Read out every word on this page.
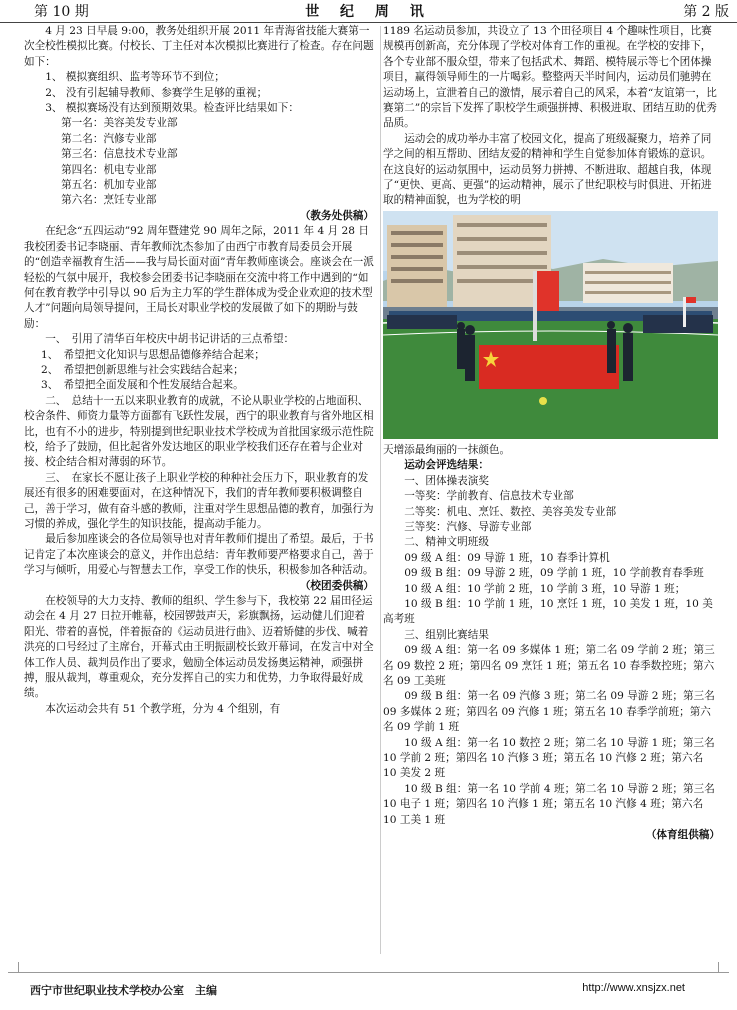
第 10 期	世 纪 周 讯	第 2 版

4 月 23 日早晨 9:00，教务处组织开展 2011 年青海省技能大赛第一次全校性模拟比赛。付校长、丁主任对本次模拟比赛进行了检查。存在问题如下：

1、 模拟赛组织、监考等环节不到位；

2、 没有引起辅导教师、参赛学生足够的重视；

3、 模拟赛场没有达到预期效果。检查评比结果如下：

第一名：美容美发专业部

第二名：汽修专业部

第三名：信息技术专业部

第四名：机电专业部

第五名：机加专业部

第六名：烹饪专业部

（教务处供稿）

在纪念“五四运动”92 周年暨建党 90 周年之际，2011 年 4 月 28 日我校团委书记李晓丽、青年教师沈杰参加了由西宁市教育局委员会开展的“创造幸福教育生活——我与局长面对面”青年教师座谈会。座谈会在一派轻松的气氛中展开，我校参会团委书记李晓丽在交流中将工作中遇到的“如何在教育教学中引导以 90 后为主力军的学生群体成为受企业欢迎的技术型人才”问题向局领导提问，王局长对职业学校的发展做了如下的期盼与鼓励：

一、　引用了清华百年校庆中胡书记讲话的三点希望：

1、　希望把文化知识与思想品德修养结合起来；

2、　希望把创新思维与社会实践结合起来；

3、　希望把全面发展和个性发展结合起来。

二、　总结十一五以来职业教育的成就，不论从职业学校的占地面积、校舍条件、师资力量等方面都有飞跃性发展，西宁的职业教育与省外地区相比，也有不小的进步，特别提到世纪职业技术学校成为首批国家级示范性院校，给予了鼓励，但比起省外发达地区的职业学校我们还存在着与企业对接、校企结合相对薄弱的环节。

三、　在家长不愿让孩子上职业学校的种种社会压力下，职业教育的发展还有很多的困难要面对，在这种情况下，我们的青年教师要积极调整自己，善于学习，做有奋斗感的教师，注重对学生思想品德的教育，加强行为习惯的养成，强化学生的知识技能，提高动手能力。

最后参加座谈会的各位局领导也对青年教师们提出了希望。最后，于书记肯定了本次座谈会的意义，并作出总结：青年教师要严格要求自己，善于学习与倾听，用爱心与智慧去工作，享受工作的快乐，积极参加各种活动。

（校团委供稿）

在校领导的大力支持、教师的组织、学生参与下，我校第 22 届田径运动会在 4 月 27 日拉开帷幕，校园锣鼓声天，彩旗飘扬，运动健儿们迎着阳光、带着的喜悦，伴着振奋的《运动员进行曲》、迈着矫健的步伐、喊着洪亮的口号经过了主席台，开幕式由王明振副校长致开幕词，在发言中对全体工作人员、裁判员作出了要求，勉励全体运动员发扬奥运精神，顽强拼搏，服从裁判，尊重观众，充分发挥自己的实力和优势，力争取得最好成绩。

本次运动会共有 51 个教学班，分为 4 个组别，有

1189 名运动员参加，共设立了 13 个田径项目 4 个趣味性项目，比赛规模再创新高，充分体现了学校对体育工作的重视。在学校的安排下，各个专业部不服众望，带来了包括武术、舞蹈、模特展示等七个团体操项目，赢得领导师生的一片喝彩。整整两天半时间内，运动员们驰骋在运动场上，宣泄着自己的激情，展示着自己的风采，本着“友谊第一，比赛第二”的宗旨下发挥了职校学生顽强拼搏、积极进取、团结互助的优秀品质。

运动会的成功举办丰富了校园文化，提高了班级凝聚力，培养了同学之间的相互帮助、团结友爱的精神和学生自觉参加体育锻炼的意识。在这良好的运动氛围中，运动员努力拼搏、不断进取、超越自我，体现了“更快、更高、更强”的运动精神，展示了世纪职校与时俱进、开拓进取的精神面貌，也为学校的明

天增添最绚丽的一抹颜色。

运动会评选结果：

一、团体操表演奖

一等奖：学前教育、信息技术专业部

二等奖：机电、烹饪、数控、美容美发专业部

三等奖：汽修、导游专业部

二、精神文明班级

09 级 A 组：09 导游 1 班，10 春季计算机

09 级 B 组：09 导游 2 班，09 学前 1 班，10 学前教育春季班

10 级 A 组：10 学前 2 班，10 学前 3 班，10 导游 1 班；

10 级 B 组：10 学前 1 班，10 烹饪 1 班，10 美发 1 班，10 美高考班

三、组别比赛结果

09 级 A 组：第一名 09 多媒体 1 班；第二名 09 学前 2 班；第三名 09 数控 2 班；第四名 09 烹饪 1 班；第五名 10 春季数控班；第六名 09 工美班

09 级 B 组：第一名 09 汽修 3 班；第二名 09 导游 2 班；第三名 09 多媒体 2 班；第四名 09 汽修 1 班；第五名 10 春季学前班；第六名 09 学前 1 班

10 级 A 组：第一名 10 数控 2 班；第二名 10 导游 1 班；第三名 10 学前 2 班；第四名 10 汽修 3 班；第五名 10 汽修 2 班；第六名 10 美发 2 班

10 级 B 组：第一名 10 学前 4 班；第二名 10 导游 2 班；第三名 10 电子 1 班；第四名 10 汽修 1 班；第五名 10 汽修 4 班；第六名 10 工美 1 班

（体育组供稿）

西宁市世纪职业技术学校办公室　主编	http://www.xnsjzx.net
